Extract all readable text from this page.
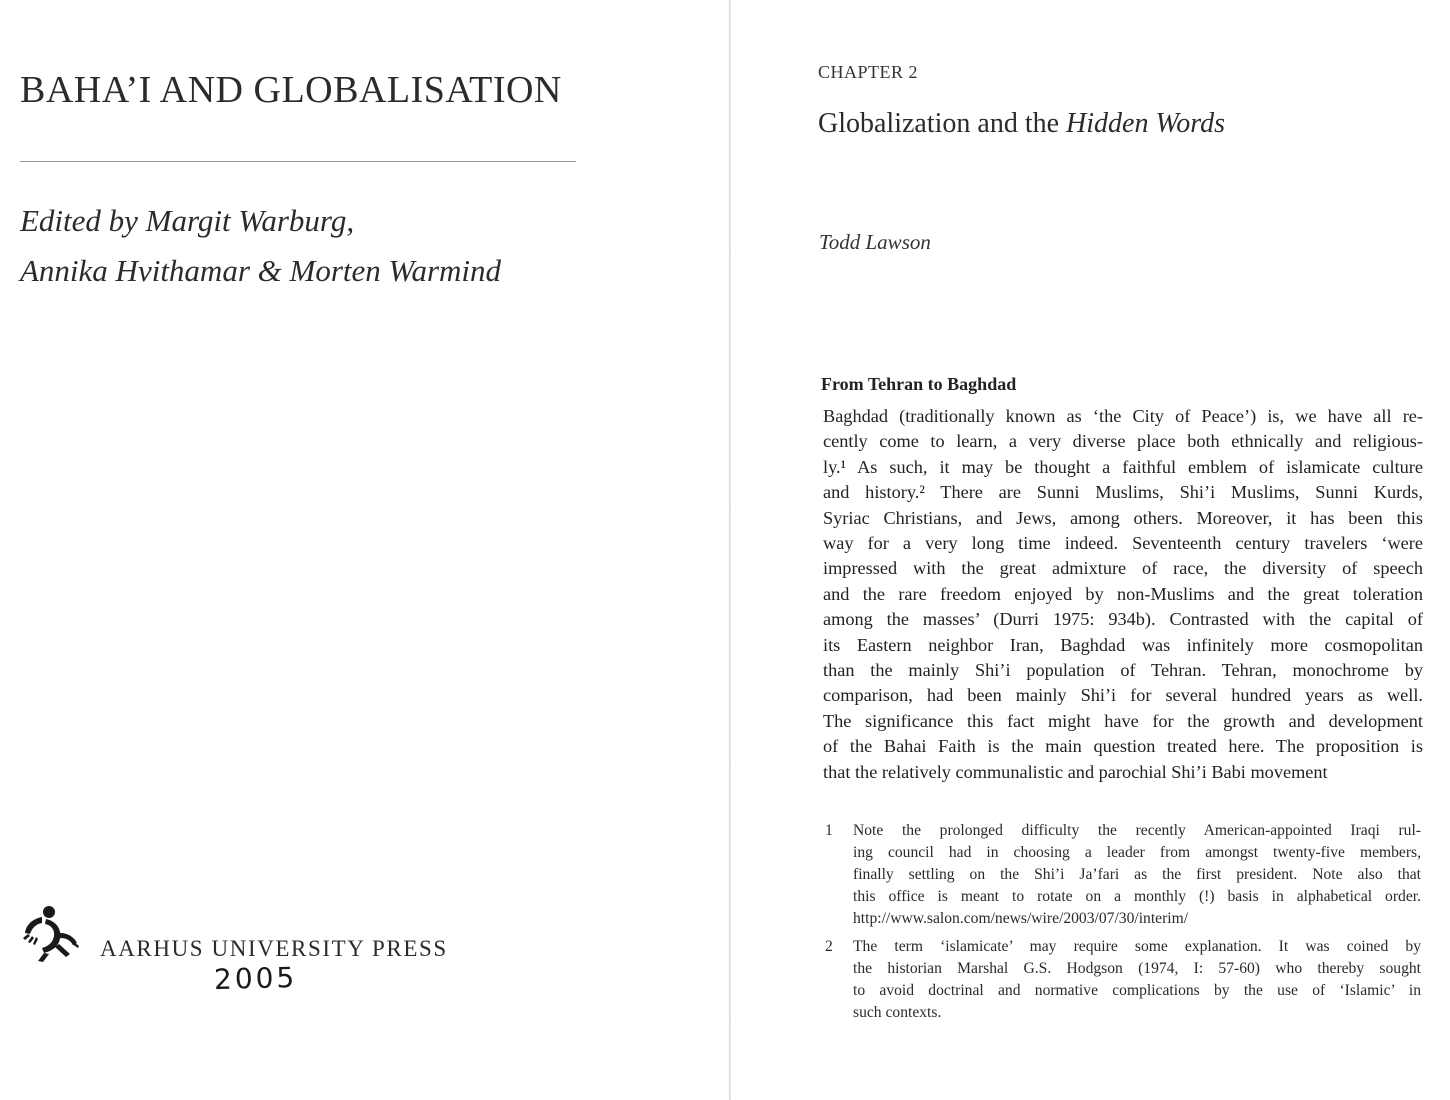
BAHA’I AND GLOBALISATION
Edited by Margit Warburg,
Annika Hvithamar & Morten Warmind
AARHUS UNIVERSITY PRESS
2005
CHAPTER 2
Globalization and the Hidden Words
Todd Lawson
From Tehran to Baghdad
Baghdad (traditionally known as ‘the City of Peace’) is, we have all re-
cently come to learn, a very diverse place both ethnically and religious-
ly.¹ As such, it may be thought a faithful emblem of islamicate culture
and history.² There are Sunni Muslims, Shi’i Muslims, Sunni Kurds,
Syriac Christians, and Jews, among others. Moreover, it has been this
way for a very long time indeed. Seventeenth century travelers ‘were
impressed with the great admixture of race, the diversity of speech
and the rare freedom enjoyed by non-Muslims and the great toleration
among the masses’ (Durri 1975: 934b). Contrasted with the capital of
its Eastern neighbor Iran, Baghdad was infinitely more cosmopolitan
than the mainly Shi’i population of Tehran. Tehran, monochrome by
comparison, had been mainly Shi’i for several hundred years as well.
The significance this fact might have for the growth and development
of the Bahai Faith is the main question treated here. The proposition is
that the relatively communalistic and parochial Shi’i Babi movement
1 Note the prolonged difficulty the recently American-appointed Iraqi rul-
ing council had in choosing a leader from amongst twenty-five members,
finally settling on the Shi’i Ja’fari as the first president. Note also that
this office is meant to rotate on a monthly (!) basis in alphabetical order.
http://www.salon.com/news/wire/2003/07/30/interim/
2 The term ‘islamicate’ may require some explanation. It was coined by
the historian Marshal G.S. Hodgson (1974, I: 57-60) who thereby sought
to avoid doctrinal and normative complications by the use of ‘Islamic’ in
such contexts.
